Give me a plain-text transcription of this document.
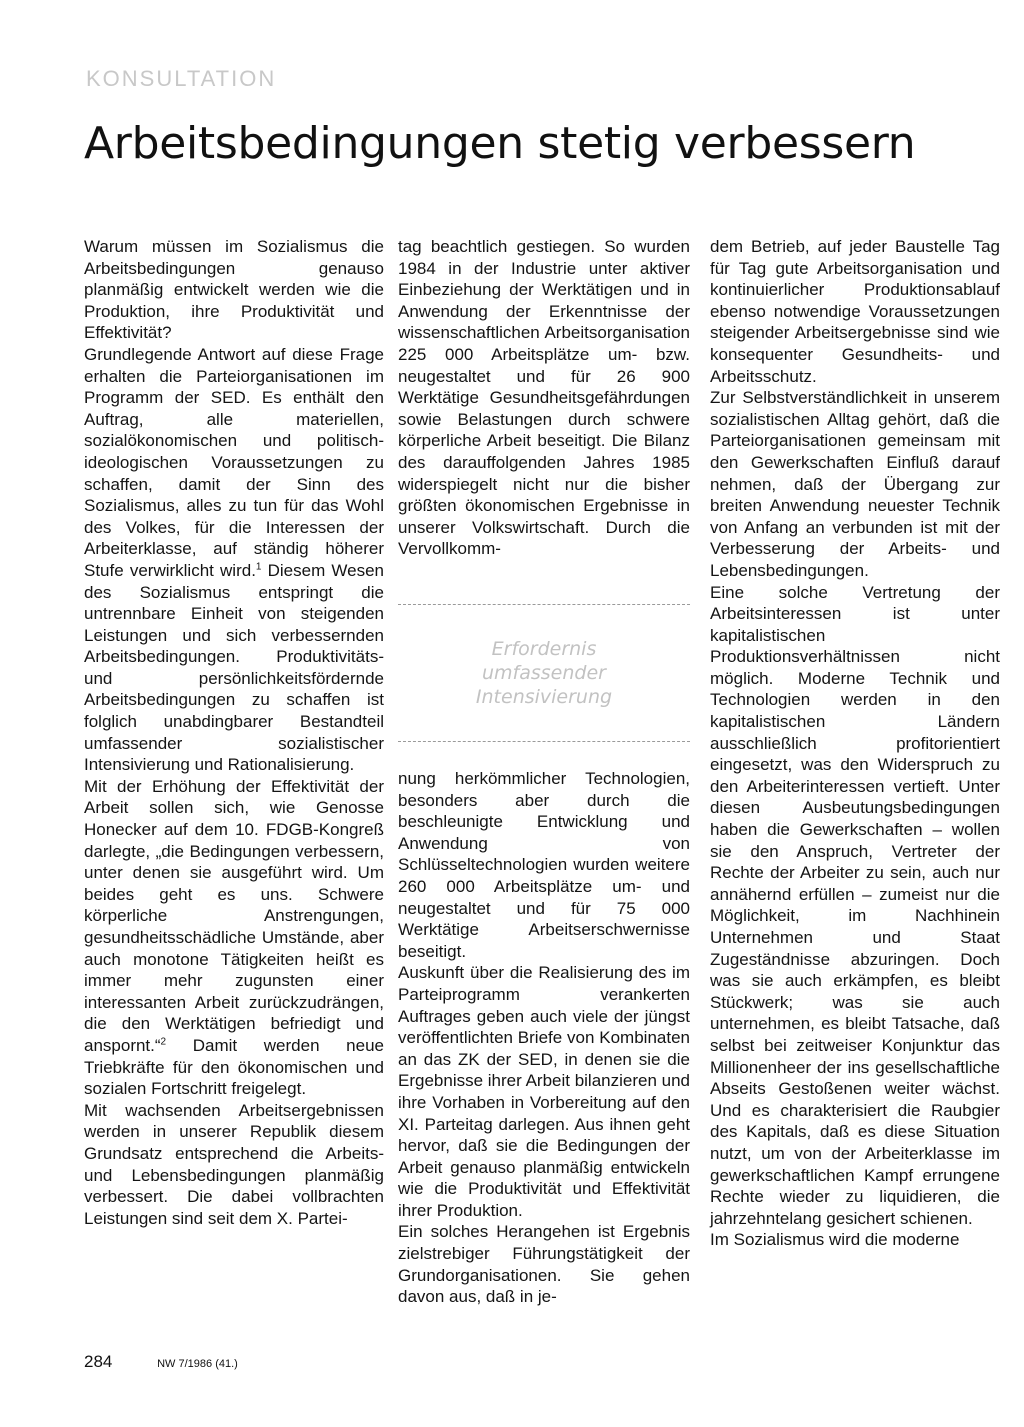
KONSULTATION
Arbeitsbedingungen stetig verbessern

Warum müssen im Sozialismus die Arbeitsbedingungen genauso planmäßig entwickelt werden wie die Produktion, ihre Produktivität und Effektivität?

Grundlegende Antwort auf diese Frage erhalten die Parteiorganisationen im Programm der SED. Es enthält den Auftrag, alle materiellen, sozialökonomischen und politisch-ideologischen Voraussetzungen zu schaffen, damit der Sinn des Sozialismus, alles zu tun für das Wohl des Volkes, für die Interessen der Arbeiterklasse, auf ständig höherer Stufe verwirklicht wird.$^1$ Diesem Wesen des Sozialismus entspringt die untrennbare Einheit von steigenden Leistungen und sich verbessernden Arbeitsbedingungen. Produktivitäts- und persönlichkeitsfördernde Arbeitsbedingungen zu schaffen ist folglich unabdingbarer Bestandteil umfassender sozialistischer Intensivierung und Rationalisierung.

Mit der Erhöhung der Effektivität der Arbeit sollen sich, wie Genosse Honecker auf dem 10. FDGB-Kongreß darlegte, „die Bedingungen verbessern, unter denen sie ausgeführt wird. Um beides geht es uns. Schwere körperliche Anstrengungen, gesundheitsschädliche Umstände, aber auch monotone Tätigkeiten heißt es immer mehr zugunsten einer interessanten Arbeit zurückzudrängen, die den Werktätigen befriedigt und anspornt.“$^2$ Damit werden neue Triebkräfte für den ökonomischen und sozialen Fortschritt freigelegt.

Mit wachsenden Arbeitsergebnissen werden in unserer Republik diesem Grundsatz entsprechend die Arbeits- und Lebensbedingungen planmäßig verbessert. Die dabei vollbrachten Leistungen sind seit dem X. Partei-

tag beachtlich gestiegen. So wurden 1984 in der Industrie unter aktiver Einbeziehung der Werktätigen und in Anwendung der Erkenntnisse der wissenschaftlichen Arbeitsorganisation 225 000 Arbeitsplätze um- bzw. neugestaltet und für 26 900 Werktätige Gesundheitsgefährdungen sowie Belastungen durch schwere körperliche Arbeit beseitigt. Die Bilanz des darauffolgenden Jahres 1985 widerspiegelt nicht nur die bisher größten ökonomischen Ergebnisse in unserer Volkswirtschaft. Durch die Vervollkomm-

Erfordernis
umfassender
Intensivierung

nung herkömmlicher Technologien, besonders aber durch die beschleunigte Entwicklung und Anwendung von Schlüsseltechnologien wurden weitere 260 000 Arbeitsplätze um- und neugestaltet und für 75 000 Werktätige Arbeitserschwernisse beseitigt.

Auskunft über die Realisierung des im Parteiprogramm verankerten Auftrages geben auch viele der jüngst veröffentlichten Briefe von Kombinaten an das ZK der SED, in denen sie die Ergebnisse ihrer Arbeit bilanzieren und ihre Vorhaben in Vorbereitung auf den XI. Parteitag darlegen. Aus ihnen geht hervor, daß sie die Bedingungen der Arbeit genauso planmäßig entwickeln wie die Produktivität und Effektivität ihrer Produktion.

Ein solches Herangehen ist Ergebnis zielstrebiger Führungstätigkeit der Grundorganisationen. Sie gehen davon aus, daß in je-

dem Betrieb, auf jeder Baustelle Tag für Tag gute Arbeitsorganisation und kontinuierlicher Produktionsablauf ebenso notwendige Voraussetzungen steigender Arbeitsergebnisse sind wie konsequenter Gesundheits- und Arbeitsschutz.

Zur Selbstverständlichkeit in unserem sozialistischen Alltag gehört, daß die Parteiorganisationen gemeinsam mit den Gewerkschaften Einfluß darauf nehmen, daß der Übergang zur breiten Anwendung neuester Technik von Anfang an verbunden ist mit der Verbesserung der Arbeits- und Lebensbedingungen.

Eine solche Vertretung der Arbeitsinteressen ist unter kapitalistischen Produktionsverhältnissen nicht möglich. Moderne Technik und Technologien werden in den kapitalistischen Ländern ausschließlich profitorientiert eingesetzt, was den Widerspruch zu den Arbeiterinteressen vertieft. Unter diesen Ausbeutungsbedingungen haben die Gewerkschaften – wollen sie den Anspruch, Vertreter der Rechte der Arbeiter zu sein, auch nur annähernd erfüllen – zumeist nur die Möglichkeit, im Nachhinein Unternehmen und Staat Zugeständnisse abzuringen. Doch was sie auch erkämpfen, es bleibt Stückwerk; was sie auch unternehmen, es bleibt Tatsache, daß selbst bei zeitweiser Konjunktur das Millionenheer der ins gesellschaftliche Abseits Gestoßenen weiter wächst. Und es charakterisiert die Raubgier des Kapitals, daß es diese Situation nutzt, um von der Arbeiterklasse im gewerkschaftlichen Kampf errungene Rechte wieder zu liquidieren, die jahrzehntelang gesichert schienen.

Im Sozialismus wird die moderne

284	NW 7/1986 (41.)
